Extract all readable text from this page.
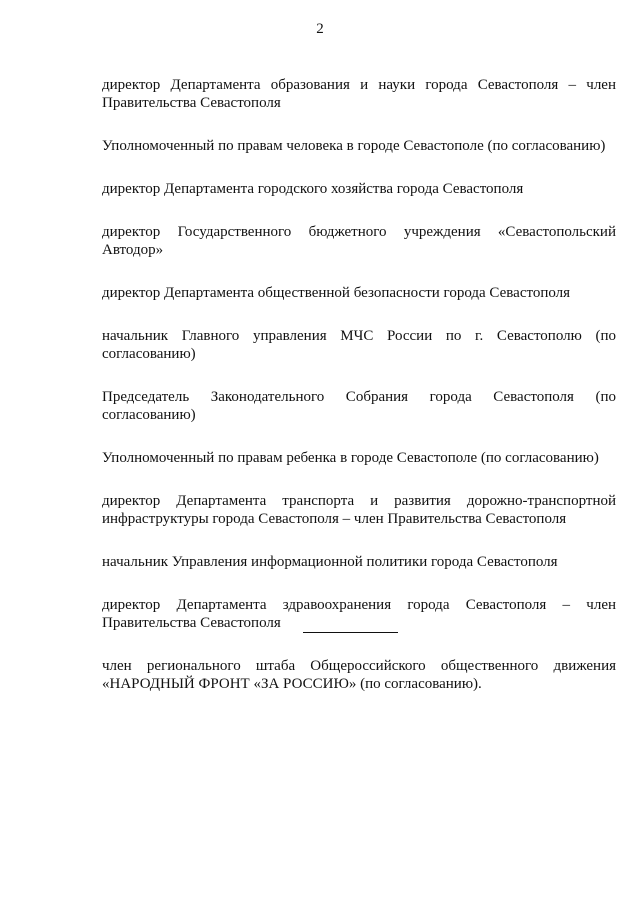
2

директор Департамента образования и науки города Севастополя – член Правительства Севастополя

Уполномоченный по правам человека в городе Севастополе (по согласованию)

директор Департамента городского хозяйства города Севастополя

директор Государственного бюджетного учреждения «Севастопольский Автодор»

директор Департамента общественной безопасности города Севастополя

начальник Главного управления МЧС России по г. Севастополю (по согласованию)

Председатель Законодательного Собрания города Севастополя (по согласованию)

Уполномоченный по правам ребенка в городе Севастополе (по согласованию)

директор Департамента транспорта и развития дорожно-транспортной инфраструктуры города Севастополя – член Правительства Севастополя

начальник Управления информационной политики города Севастополя

директор Департамента здравоохранения города Севастополя – член Правительства Севастополя

член регионального штаба Общероссийского общественного движения «НАРОДНЫЙ ФРОНТ «ЗА РОССИЮ» (по согласованию).
